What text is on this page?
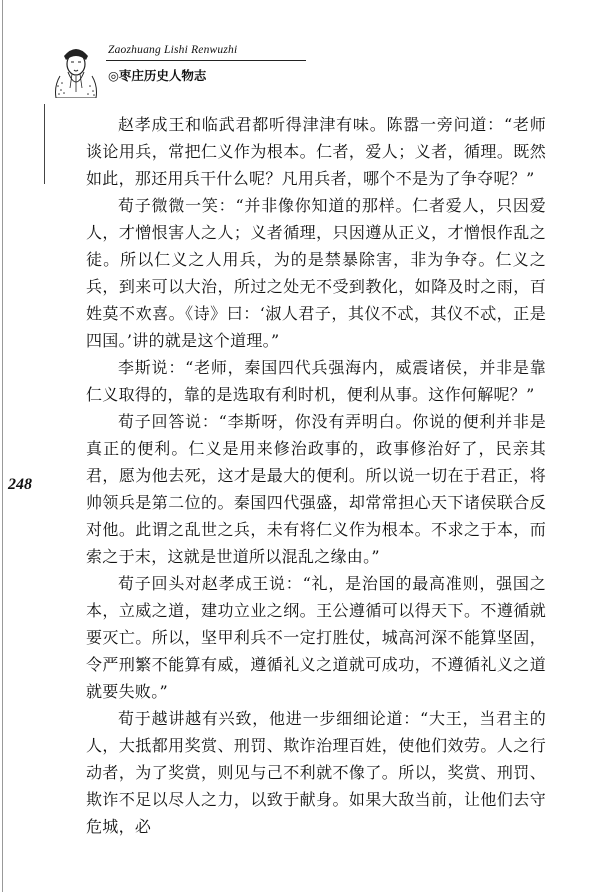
Zaozhuang Lishi Renwuzhi
◎枣庄历史人物志
248

赵孝成王和临武君都听得津津有味。陈嚣一旁问道：“老师谈论用兵，常把仁义作为根本。仁者，爱人；义者，循理。既然如此，那还用兵干什么呢？凡用兵者，哪个不是为了争夺呢？”

荀子微微一笑：“并非像你知道的那样。仁者爱人，只因爱人，才憎恨害人之人；义者循理，只因遵从正义，才憎恨作乱之徒。所以仁义之人用兵，为的是禁暴除害，非为争夺。仁义之兵，到来可以大治，所过之处无不受到教化，如降及时之雨，百姓莫不欢喜。《诗》曰：‘淑人君子，其仪不忒，其仪不忒，正是四国。’讲的就是这个道理。”

李斯说：“老师，秦国四代兵强海内，威震诸侯，并非是靠仁义取得的，靠的是选取有利时机，便利从事。这作何解呢？”

荀子回答说：“李斯呀，你没有弄明白。你说的便利并非是真正的便利。仁义是用来修治政事的，政事修治好了，民亲其君，愿为他去死，这才是最大的便利。所以说一切在于君正，将帅领兵是第二位的。秦国四代强盛，却常常担心天下诸侯联合反对他。此谓之乱世之兵，未有将仁义作为根本。不求之于本，而索之于末，这就是世道所以混乱之缘由。”

荀子回头对赵孝成王说：“礼，是治国的最高准则，强国之本，立威之道，建功立业之纲。王公遵循可以得天下。不遵循就要灭亡。所以，坚甲利兵不一定打胜仗，城高河深不能算坚固，令严刑繁不能算有威，遵循礼义之道就可成功，不遵循礼义之道就要失败。”

荀于越讲越有兴致，他进一步细细论道：“大王，当君主的人，大抵都用奖赏、刑罚、欺诈治理百姓，使他们效劳。人之行动者，为了奖赏，则见与己不利就不像了。所以，奖赏、刑罚、欺诈不足以尽人之力，以致于献身。如果大敌当前，让他们去守危城，必
